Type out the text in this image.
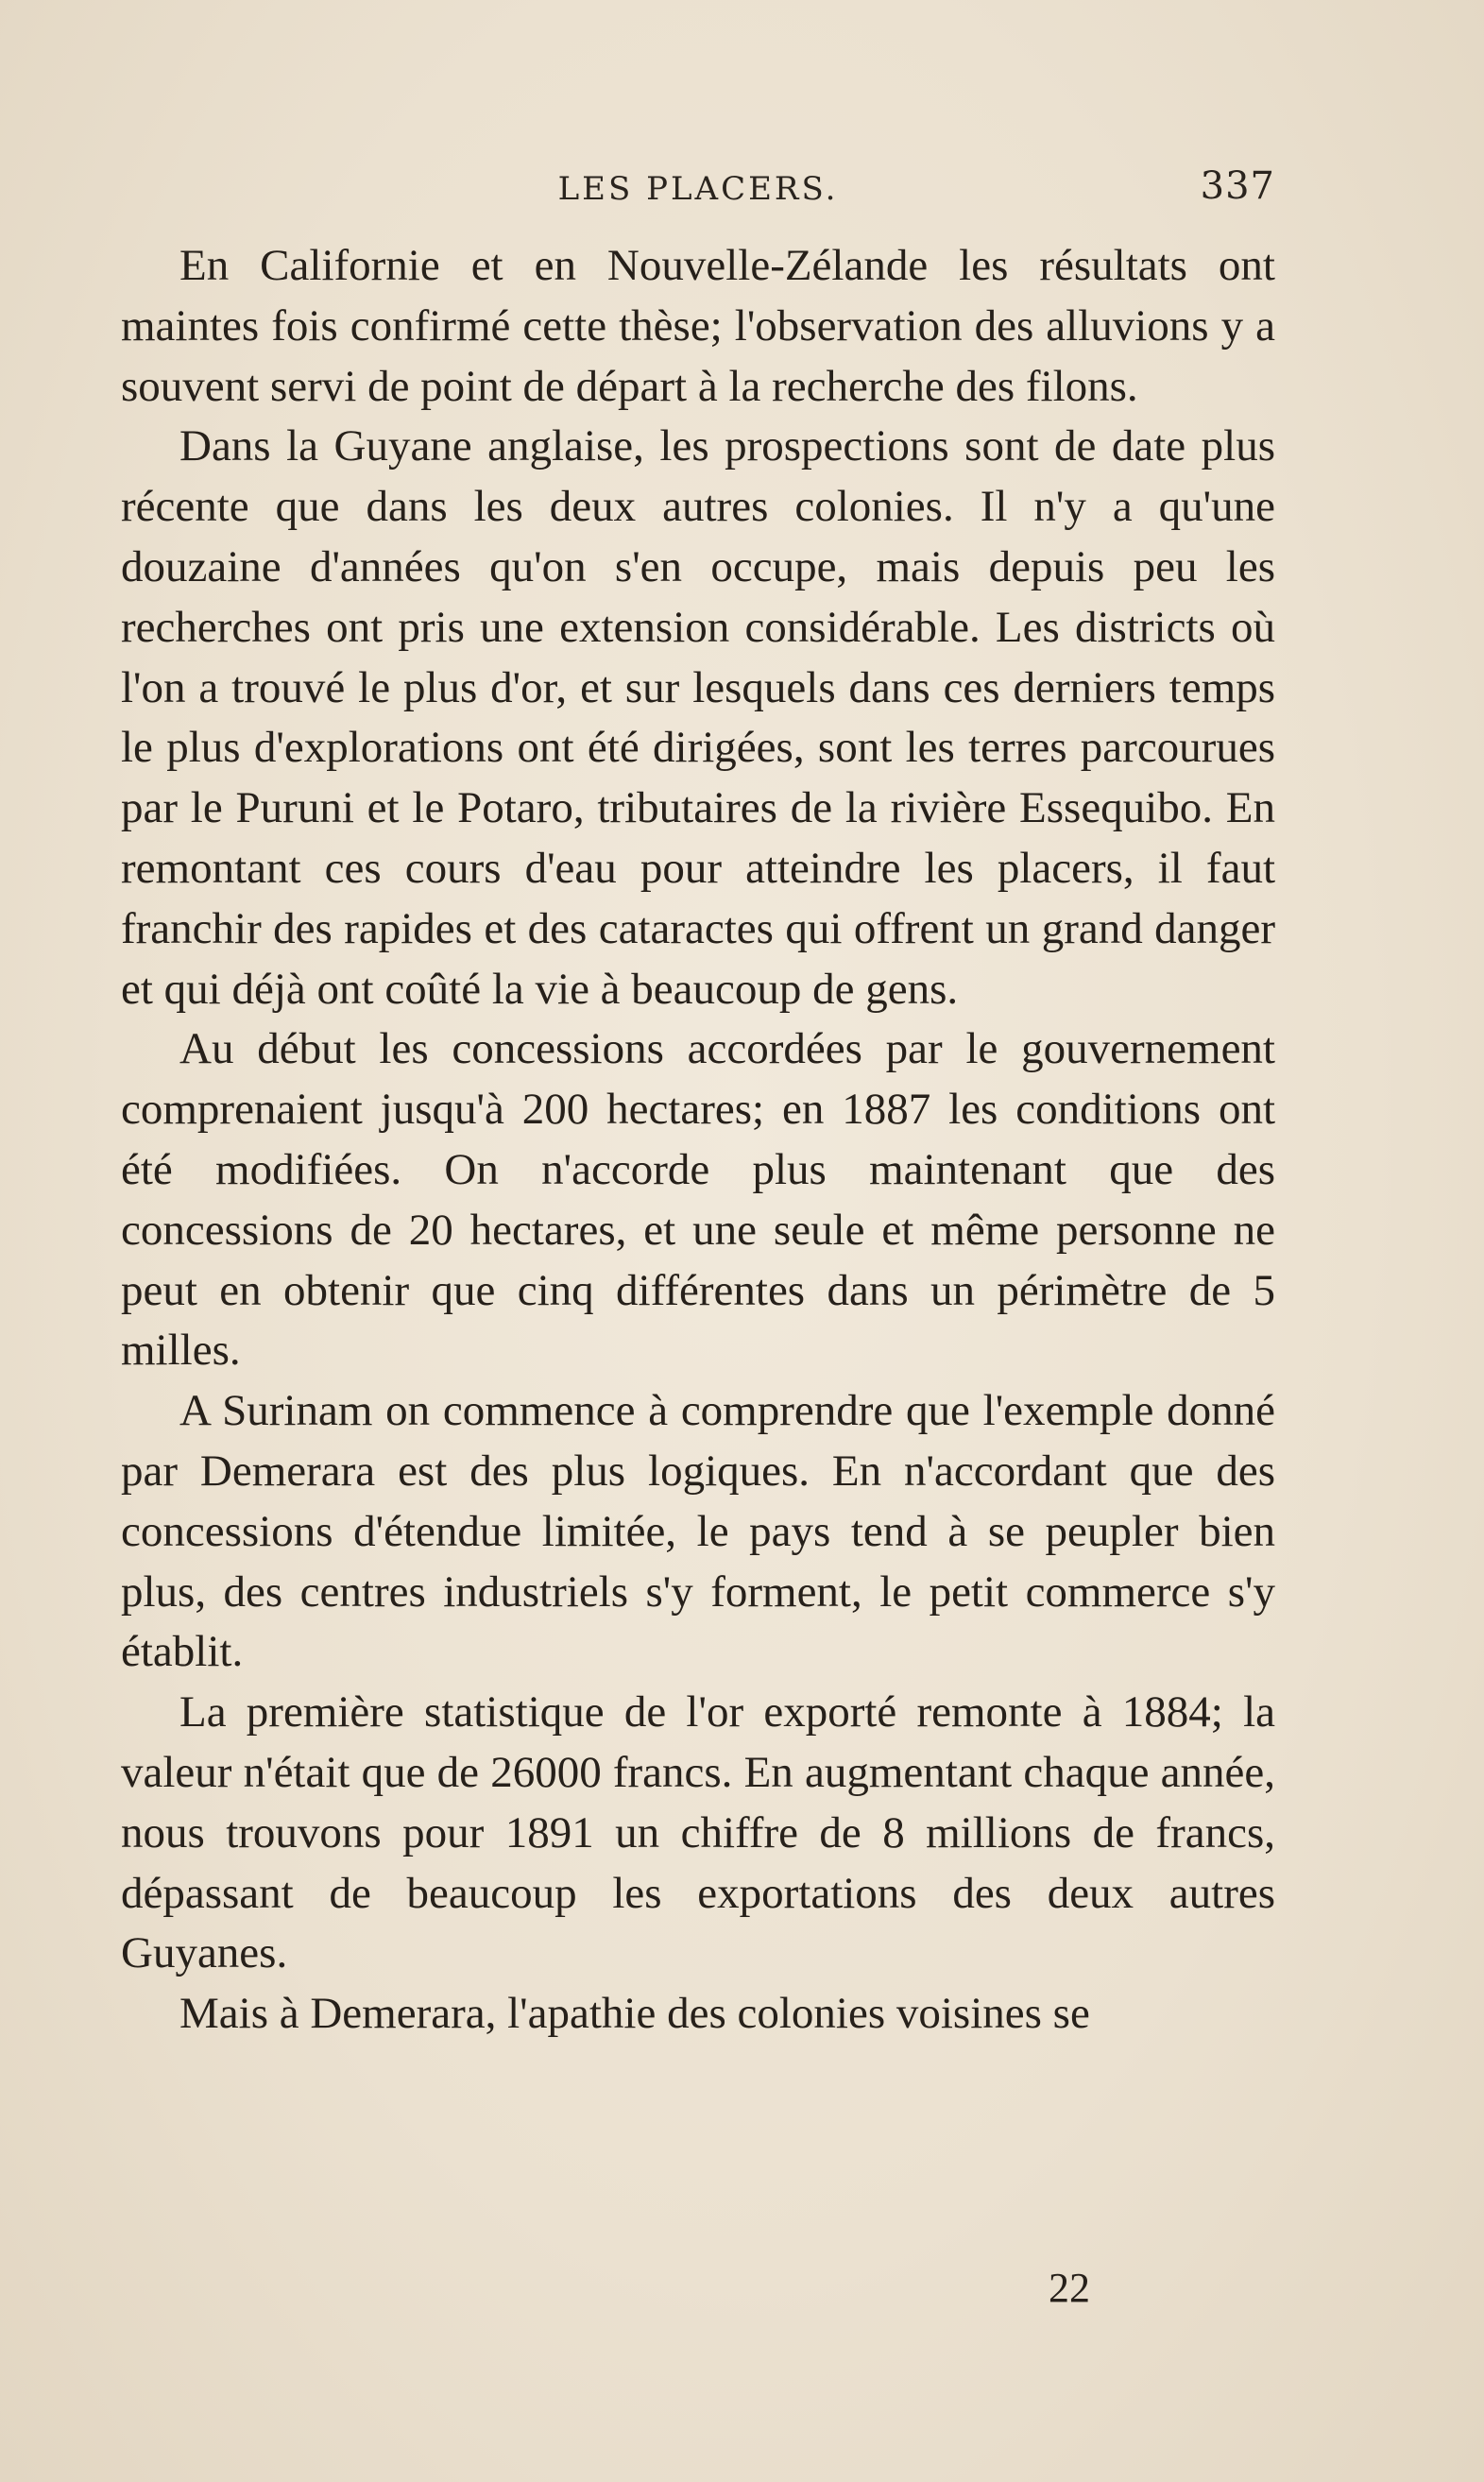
LES PLACERS.	337

En Californie et en Nouvelle-Zélande les résultats ont maintes fois confirmé cette thèse; l'observation des alluvions y a souvent servi de point de départ à la recherche des filons.

Dans la Guyane anglaise, les prospections sont de date plus récente que dans les deux autres colonies. Il n'y a qu'une douzaine d'années qu'on s'en occupe, mais depuis peu les recherches ont pris une extension considérable. Les districts où l'on a trouvé le plus d'or, et sur lesquels dans ces derniers temps le plus d'explorations ont été dirigées, sont les terres parcourues par le Puruni et le Potaro, tributaires de la rivière Essequibo. En remontant ces cours d'eau pour atteindre les placers, il faut franchir des rapides et des cataractes qui offrent un grand danger et qui déjà ont coûté la vie à beaucoup de gens.

Au début les concessions accordées par le gouvernement comprenaient jusqu'à 200 hectares; en 1887 les conditions ont été modifiées. On n'accorde plus maintenant que des concessions de 20 hectares, et une seule et même personne ne peut en obtenir que cinq différentes dans un périmètre de 5 milles.

A Surinam on commence à comprendre que l'exemple donné par Demerara est des plus logiques. En n'accordant que des concessions d'étendue limitée, le pays tend à se peupler bien plus, des centres industriels s'y forment, le petit commerce s'y établit.

La première statistique de l'or exporté remonte à 1884; la valeur n'était que de 26000 francs. En augmentant chaque année, nous trouvons pour 1891 un chiffre de 8 millions de francs, dépassant de beaucoup les exportations des deux autres Guyanes.

Mais à Demerara, l'apathie des colonies voisines se

22
